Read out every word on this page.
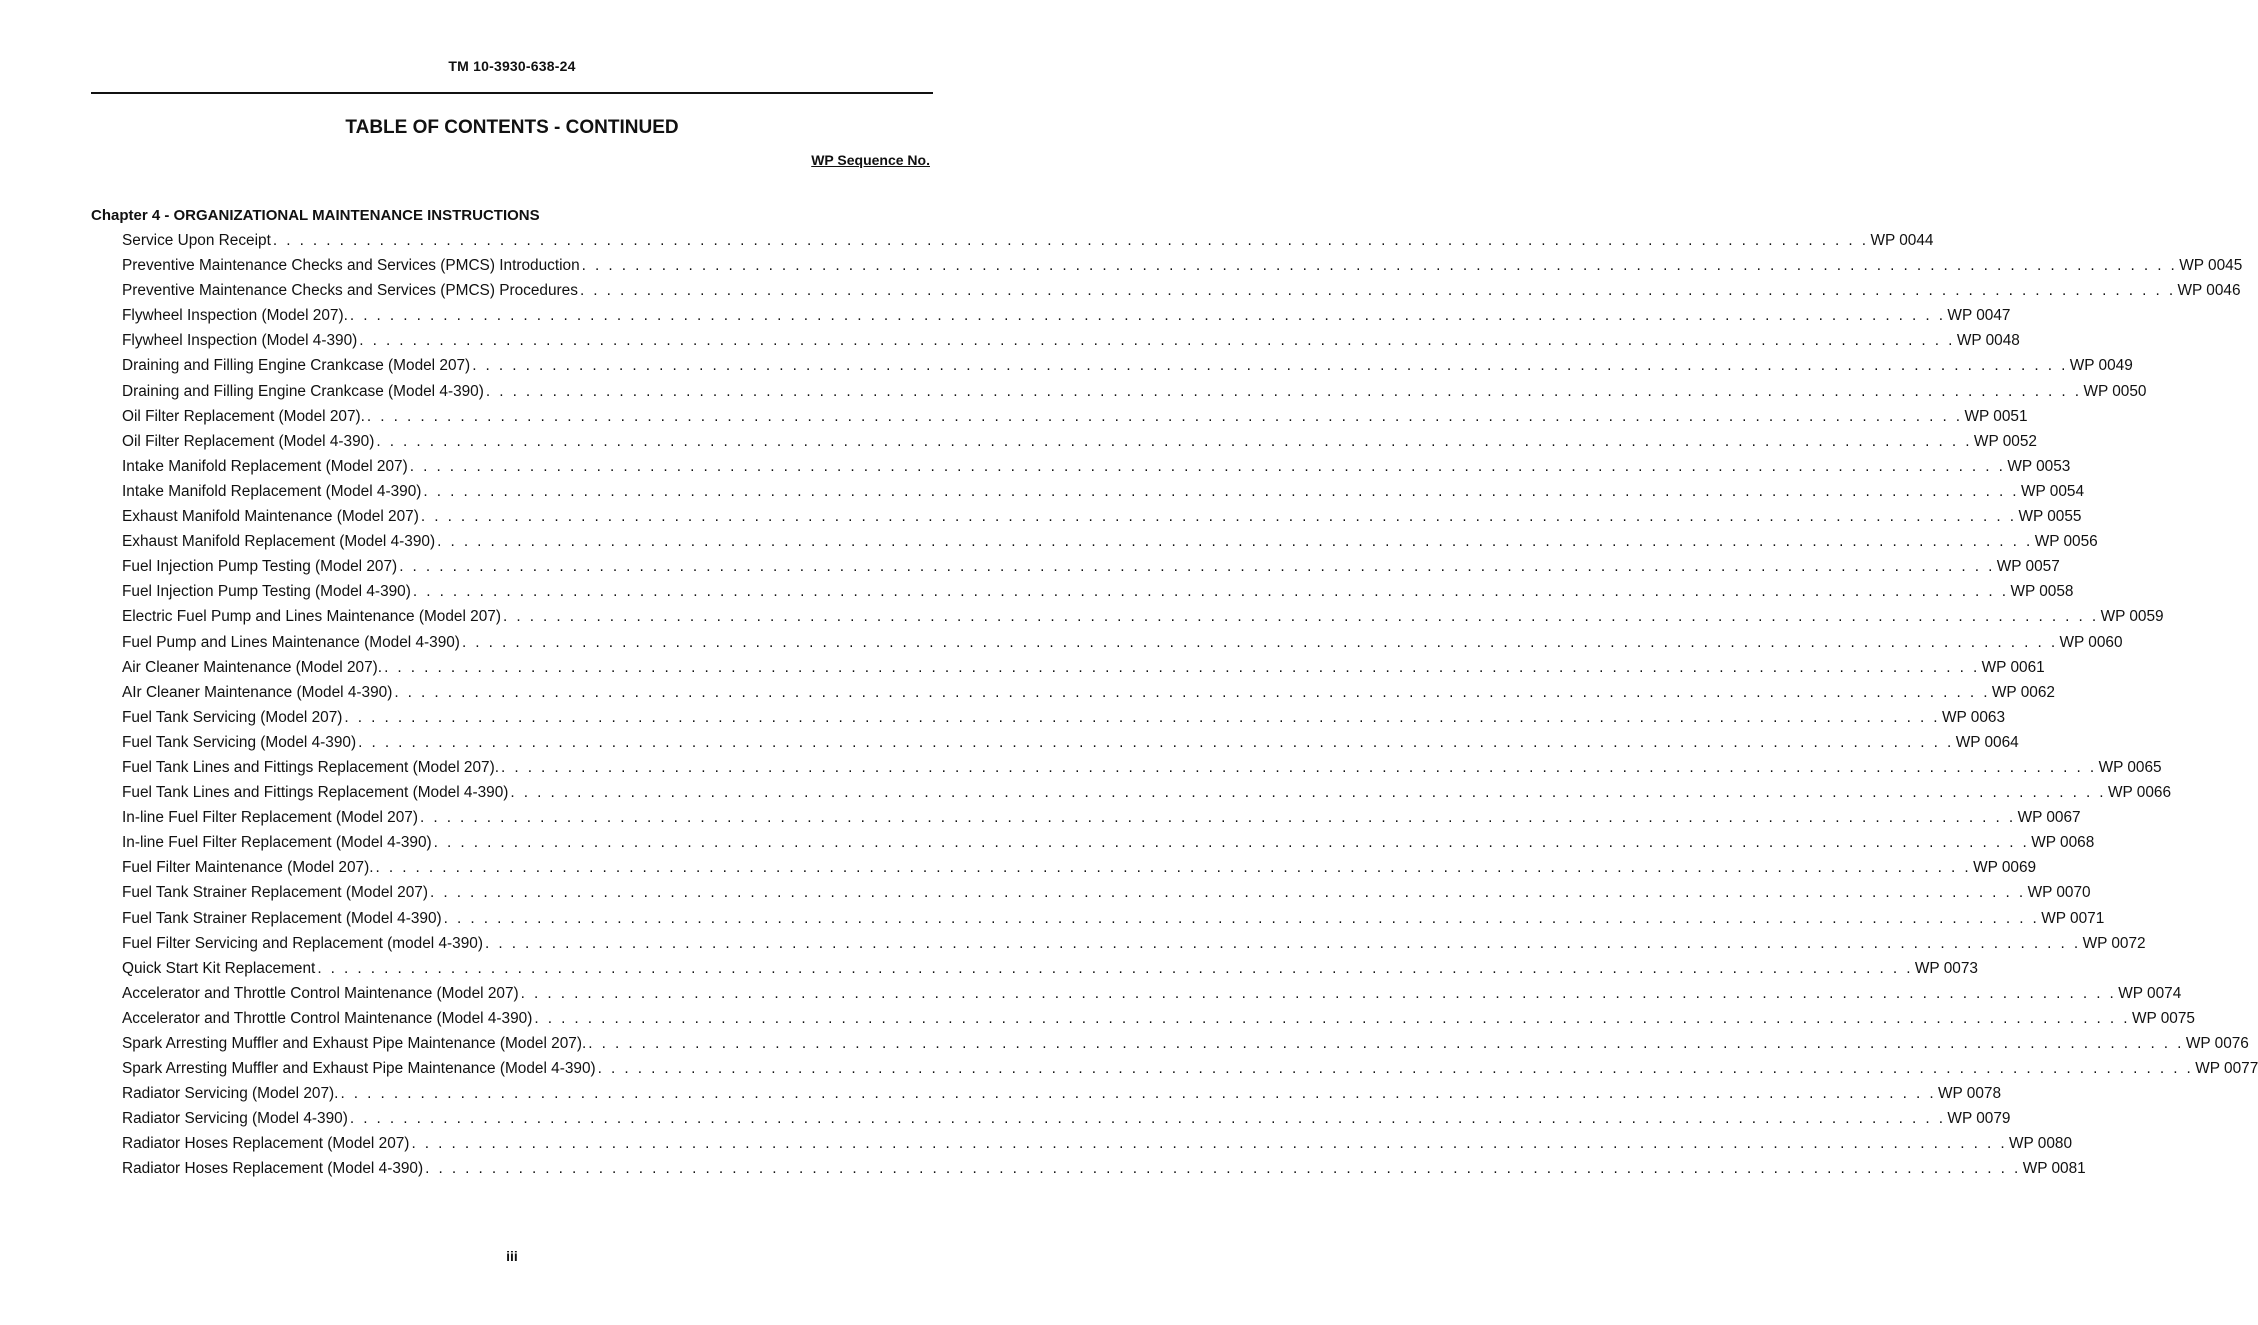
TM 10-3930-638-24
TABLE OF CONTENTS - CONTINUED
WP Sequence No.
Chapter 4 - ORGANIZATIONAL MAINTENANCE INSTRUCTIONS
Service Upon Receipt . . . . . . . . . . . . . . . . . . . . . . . . . . . . . . . . . . . . . . . . . . . . . . . . . . . . . . . . . . . . . . . . . . . . . . . . . . . . . . . . . . . . . . . . . . . . . . . . . . . . . . . . . . . . . . . . . . . . . . . . WP 0044
Preventive Maintenance Checks and Services (PMCS) Introduction . . . . . . . . . . . . . . . . . . . . . . . . . . . . . . . . . . . . . . . . . . . . . . . . . . . . . . . . . . . . . . . . . . . . . . . . . . . . . . . . . . . . . . . . . . . . . . . . . . . . . . . . . . . . . . . . . . . . . . . . WP 0045
Preventive Maintenance Checks and Services (PMCS) Procedures . . . . . . . . . . . . . . . . . . . . . . . . . . . . . . . . . . . . . . . . . . . . . . . . . . . . . . . . . . . . . . . . . . . . . . . . . . . . . . . . . . . . . . . . . . . . . . . . . . . . . . . . . . . . . . . . . . . . . . . . WP 0046
Flywheel Inspection (Model 207). . . . . . . . . . . . . . . . . . . . . . . . . . . . . . . . . . . . . . . . . . . . . . . . . . . . . . . . . . . . . . . . . . . . . . . . . . . . . . . . . . . . . . . . . . . . . . . . . . . . . . . . . . . . . . . . . . . . . . . . . WP 0047
Flywheel Inspection (Model 4-390) . . . . . . . . . . . . . . . . . . . . . . . . . . . . . . . . . . . . . . . . . . . . . . . . . . . . . . . . . . . . . . . . . . . . . . . . . . . . . . . . . . . . . . . . . . . . . . . . . . . . . . . . . . . . . . . . . . . . . . . . WP 0048
Draining and Filling Engine Crankcase (Model 207) . . . . . . . . . . . . . . . . . . . . . . . . . . . . . . . . . . . . . . . . . . . . . . . . . . . . . . . . . . . . . . . . . . . . . . . . . . . . . . . . . . . . . . . . . . . . . . . . . . . . . . . . . . . . . . . . . . . . . . . . WP 0049
Draining and Filling Engine Crankcase (Model 4-390) . . . . . . . . . . . . . . . . . . . . . . . . . . . . . . . . . . . . . . . . . . . . . . . . . . . . . . . . . . . . . . . . . . . . . . . . . . . . . . . . . . . . . . . . . . . . . . . . . . . . . . . . . . . . . . . . . . . . . . . . WP 0050
Oil Filter Replacement (Model 207). . . . . . . . . . . . . . . . . . . . . . . . . . . . . . . . . . . . . . . . . . . . . . . . . . . . . . . . . . . . . . . . . . . . . . . . . . . . . . . . . . . . . . . . . . . . . . . . . . . . . . . . . . . . . . . . . . . . . . . . . WP 0051
Oil Filter Replacement (Model 4-390) . . . . . . . . . . . . . . . . . . . . . . . . . . . . . . . . . . . . . . . . . . . . . . . . . . . . . . . . . . . . . . . . . . . . . . . . . . . . . . . . . . . . . . . . . . . . . . . . . . . . . . . . . . . . . . . . . . . . . . . . WP 0052
Intake Manifold Replacement (Model 207) . . . . . . . . . . . . . . . . . . . . . . . . . . . . . . . . . . . . . . . . . . . . . . . . . . . . . . . . . . . . . . . . . . . . . . . . . . . . . . . . . . . . . . . . . . . . . . . . . . . . . . . . . . . . . . . . . . . . . . . . WP 0053
Intake Manifold Replacement (Model 4-390) . . . . . . . . . . . . . . . . . . . . . . . . . . . . . . . . . . . . . . . . . . . . . . . . . . . . . . . . . . . . . . . . . . . . . . . . . . . . . . . . . . . . . . . . . . . . . . . . . . . . . . . . . . . . . . . . . . . . . . . . WP 0054
Exhaust Manifold Maintenance (Model 207) . . . . . . . . . . . . . . . . . . . . . . . . . . . . . . . . . . . . . . . . . . . . . . . . . . . . . . . . . . . . . . . . . . . . . . . . . . . . . . . . . . . . . . . . . . . . . . . . . . . . . . . . . . . . . . . . . . . . . . . . WP 0055
Exhaust Manifold Replacement (Model 4-390) . . . . . . . . . . . . . . . . . . . . . . . . . . . . . . . . . . . . . . . . . . . . . . . . . . . . . . . . . . . . . . . . . . . . . . . . . . . . . . . . . . . . . . . . . . . . . . . . . . . . . . . . . . . . . . . . . . . . . . . . WP 0056
Fuel Injection Pump Testing (Model 207) . . . . . . . . . . . . . . . . . . . . . . . . . . . . . . . . . . . . . . . . . . . . . . . . . . . . . . . . . . . . . . . . . . . . . . . . . . . . . . . . . . . . . . . . . . . . . . . . . . . . . . . . . . . . . . . . . . . . . . . . WP 0057
Fuel Injection Pump Testing (Model 4-390) . . . . . . . . . . . . . . . . . . . . . . . . . . . . . . . . . . . . . . . . . . . . . . . . . . . . . . . . . . . . . . . . . . . . . . . . . . . . . . . . . . . . . . . . . . . . . . . . . . . . . . . . . . . . . . . . . . . . . . . . WP 0058
Electric Fuel Pump and Lines Maintenance (Model 207) . . . . . . . . . . . . . . . . . . . . . . . . . . . . . . . . . . . . . . . . . . . . . . . . . . . . . . . . . . . . . . . . . . . . . . . . . . . . . . . . . . . . . . . . . . . . . . . . . . . . . . . . . . . . . . . . . . . . . . . . WP 0059
Fuel Pump and Lines Maintenance (Model 4-390) . . . . . . . . . . . . . . . . . . . . . . . . . . . . . . . . . . . . . . . . . . . . . . . . . . . . . . . . . . . . . . . . . . . . . . . . . . . . . . . . . . . . . . . . . . . . . . . . . . . . . . . . . . . . . . . . . . . . . . . . WP 0060
Air Cleaner Maintenance (Model 207). . . . . . . . . . . . . . . . . . . . . . . . . . . . . . . . . . . . . . . . . . . . . . . . . . . . . . . . . . . . . . . . . . . . . . . . . . . . . . . . . . . . . . . . . . . . . . . . . . . . . . . . . . . . . . . . . . . . . . . . . WP 0061
AIr Cleaner Maintenance (Model 4-390) . . . . . . . . . . . . . . . . . . . . . . . . . . . . . . . . . . . . . . . . . . . . . . . . . . . . . . . . . . . . . . . . . . . . . . . . . . . . . . . . . . . . . . . . . . . . . . . . . . . . . . . . . . . . . . . . . . . . . . . . WP 0062
Fuel Tank Servicing (Model 207) . . . . . . . . . . . . . . . . . . . . . . . . . . . . . . . . . . . . . . . . . . . . . . . . . . . . . . . . . . . . . . . . . . . . . . . . . . . . . . . . . . . . . . . . . . . . . . . . . . . . . . . . . . . . . . . . . . . . . . . . WP 0063
Fuel Tank Servicing (Model 4-390) . . . . . . . . . . . . . . . . . . . . . . . . . . . . . . . . . . . . . . . . . . . . . . . . . . . . . . . . . . . . . . . . . . . . . . . . . . . . . . . . . . . . . . . . . . . . . . . . . . . . . . . . . . . . . . . . . . . . . . . . WP 0064
Fuel Tank Lines and Fittings Replacement (Model 207). . . . . . . . . . . . . . . . . . . . . . . . . . . . . . . . . . . . . . . . . . . . . . . . . . . . . . . . . . . . . . . . . . . . . . . . . . . . . . . . . . . . . . . . . . . . . . . . . . . . . . . . . . . . . . . . . . . . . . . . . WP 0065
Fuel Tank Lines and Fittings Replacement (Model 4-390) . . . . . . . . . . . . . . . . . . . . . . . . . . . . . . . . . . . . . . . . . . . . . . . . . . . . . . . . . . . . . . . . . . . . . . . . . . . . . . . . . . . . . . . . . . . . . . . . . . . . . . . . . . . . . . . . . . . . . . . . WP 0066
In-line Fuel Filter Replacement (Model 207) . . . . . . . . . . . . . . . . . . . . . . . . . . . . . . . . . . . . . . . . . . . . . . . . . . . . . . . . . . . . . . . . . . . . . . . . . . . . . . . . . . . . . . . . . . . . . . . . . . . . . . . . . . . . . . . . . . . . . . . . WP 0067
In-line Fuel Filter Replacement (Model 4-390) . . . . . . . . . . . . . . . . . . . . . . . . . . . . . . . . . . . . . . . . . . . . . . . . . . . . . . . . . . . . . . . . . . . . . . . . . . . . . . . . . . . . . . . . . . . . . . . . . . . . . . . . . . . . . . . . . . . . . . . . WP 0068
Fuel Filter Maintenance (Model 207). . . . . . . . . . . . . . . . . . . . . . . . . . . . . . . . . . . . . . . . . . . . . . . . . . . . . . . . . . . . . . . . . . . . . . . . . . . . . . . . . . . . . . . . . . . . . . . . . . . . . . . . . . . . . . . . . . . . . . . . . WP 0069
Fuel Tank Strainer Replacement (Model 207) . . . . . . . . . . . . . . . . . . . . . . . . . . . . . . . . . . . . . . . . . . . . . . . . . . . . . . . . . . . . . . . . . . . . . . . . . . . . . . . . . . . . . . . . . . . . . . . . . . . . . . . . . . . . . . . . . . . . . . . . WP 0070
Fuel Tank Strainer Replacement (Model 4-390) . . . . . . . . . . . . . . . . . . . . . . . . . . . . . . . . . . . . . . . . . . . . . . . . . . . . . . . . . . . . . . . . . . . . . . . . . . . . . . . . . . . . . . . . . . . . . . . . . . . . . . . . . . . . . . . . . . . . . . . . WP 0071
Fuel Filter Servicing and Replacement (model 4-390) . . . . . . . . . . . . . . . . . . . . . . . . . . . . . . . . . . . . . . . . . . . . . . . . . . . . . . . . . . . . . . . . . . . . . . . . . . . . . . . . . . . . . . . . . . . . . . . . . . . . . . . . . . . . . . . . . . . . . . . . WP 0072
Quick Start Kit Replacement . . . . . . . . . . . . . . . . . . . . . . . . . . . . . . . . . . . . . . . . . . . . . . . . . . . . . . . . . . . . . . . . . . . . . . . . . . . . . . . . . . . . . . . . . . . . . . . . . . . . . . . . . . . . . . . . . . . . . . . . WP 0073
Accelerator and Throttle Control Maintenance (Model 207) . . . . . . . . . . . . . . . . . . . . . . . . . . . . . . . . . . . . . . . . . . . . . . . . . . . . . . . . . . . . . . . . . . . . . . . . . . . . . . . . . . . . . . . . . . . . . . . . . . . . . . . . . . . . . . . . . . . . . . . . WP 0074
Accelerator and Throttle Control Maintenance (Model 4-390) . . . . . . . . . . . . . . . . . . . . . . . . . . . . . . . . . . . . . . . . . . . . . . . . . . . . . . . . . . . . . . . . . . . . . . . . . . . . . . . . . . . . . . . . . . . . . . . . . . . . . . . . . . . . . . . . . . . . . . . . WP 0075
Spark Arresting Muffler and Exhaust Pipe Maintenance (Model 207). . . . . . . . . . . . . . . . . . . . . . . . . . . . . . . . . . . . . . . . . . . . . . . . . . . . . . . . . . . . . . . . . . . . . . . . . . . . . . . . . . . . . . . . . . . . . . . . . . . . . . . . . . . . . . . . . . . . . . . . . WP 0076
Spark Arresting Muffler and Exhaust Pipe Maintenance (Model 4-390) . . . . . . . . . . . . . . . . . . . . . . . . . . . . . . . . . . . . . . . . . . . . . . . . . . . . . . . . . . . . . . . . . . . . . . . . . . . . . . . . . . . . . . . . . . . . . . . . . . . . . . . . . . . . . . . . . . . . . . . . WP 0077
Radiator Servicing (Model 207). . . . . . . . . . . . . . . . . . . . . . . . . . . . . . . . . . . . . . . . . . . . . . . . . . . . . . . . . . . . . . . . . . . . . . . . . . . . . . . . . . . . . . . . . . . . . . . . . . . . . . . . . . . . . . . . . . . . . . . . . WP 0078
Radiator Servicing (Model 4-390) . . . . . . . . . . . . . . . . . . . . . . . . . . . . . . . . . . . . . . . . . . . . . . . . . . . . . . . . . . . . . . . . . . . . . . . . . . . . . . . . . . . . . . . . . . . . . . . . . . . . . . . . . . . . . . . . . . . . . . . . WP 0079
Radiator Hoses Replacement (Model 207) . . . . . . . . . . . . . . . . . . . . . . . . . . . . . . . . . . . . . . . . . . . . . . . . . . . . . . . . . . . . . . . . . . . . . . . . . . . . . . . . . . . . . . . . . . . . . . . . . . . . . . . . . . . . . . . . . . . . . . . . WP 0080
Radiator Hoses Replacement (Model 4-390) . . . . . . . . . . . . . . . . . . . . . . . . . . . . . . . . . . . . . . . . . . . . . . . . . . . . . . . . . . . . . . . . . . . . . . . . . . . . . . . . . . . . . . . . . . . . . . . . . . . . . . . . . . . . . . . . . . . . . . . . WP 0081
iii
